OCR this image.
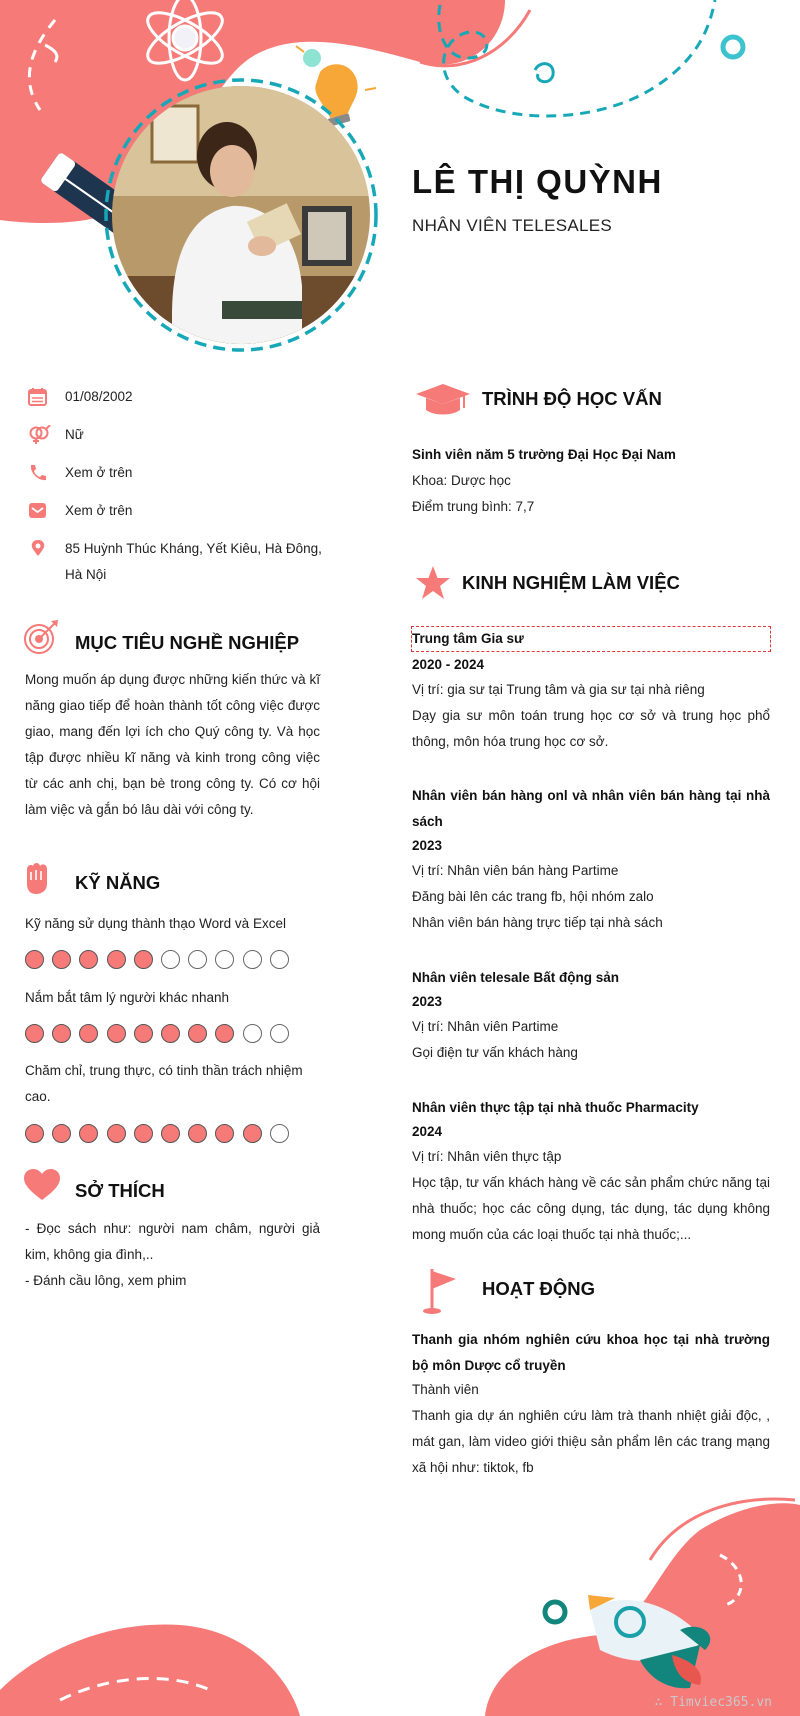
LÊ THỊ QUỲNH
NHÂN VIÊN TELESALES
01/08/2002
Nữ
Xem ở trên
Xem ở trên
85 Huỳnh Thúc Kháng, Yết Kiêu, Hà Đông, Hà Nội
MỤC TIÊU NGHỀ NGHIỆP
Mong muốn áp dụng được những kiến thức và kĩ năng giao tiếp để hoàn thành tốt công việc được giao, mang đến lợi ích cho Quý công ty. Và học tập được nhiều kĩ năng và kinh trong công việc từ các anh chị, bạn bè trong công ty. Có cơ hội làm việc và gắn bó lâu dài với công ty.
KỸ NĂNG
Kỹ năng sử dụng thành thạo Word và Excel
Nắm bắt tâm lý người khác nhanh
Chăm chỉ, trung thực, có tinh thần trách nhiệm cao.
SỞ THÍCH
- Đọc sách như: người nam châm, người giả kim, không gia đình,..
- Đánh cầu lông, xem phim
TRÌNH ĐỘ HỌC VẤN
Sinh viên năm 5 trường Đại Học Đại Nam
Khoa: Dược học
Điểm trung bình: 7,7
KINH NGHIỆM LÀM VIỆC
Trung tâm Gia sư
2020 - 2024
Vị trí: gia sư tại Trung tâm và gia sư tại nhà riêng
Dạy gia sư môn toán trung học cơ sở và trung học phổ thông, môn hóa trung học cơ sở.
Nhân viên bán hàng onl và nhân viên bán hàng tại nhà sách
2023
Vị trí: Nhân viên bán hàng Partime
Đăng bài lên các trang fb, hội nhóm zalo
Nhân viên bán hàng trực tiếp tại nhà sách
Nhân viên telesale Bất động sản
2023
Vị trí: Nhân viên Partime
Gọi điện tư vấn khách hàng
Nhân viên thực tập tại nhà thuốc Pharmacity
2024
Vị trí: Nhân viên thực tập
Học tập, tư vấn khách hàng về các sản phẩm chức năng tại nhà thuốc; học các công dụng, tác dụng, tác dụng không mong muốn của các loại thuốc tại nhà thuốc;...
HOẠT ĐỘNG
Thanh gia nhóm nghiên cứu khoa học tại nhà trường bộ môn Dược cổ truyền
Thành viên
Thanh gia dự án nghiên cứu làm trà thanh nhiệt giải độc, , mát gan, làm video giới thiệu sản phẩm lên các trang mạng xã hội như: tiktok, fb
∴ Timviec365.vn
